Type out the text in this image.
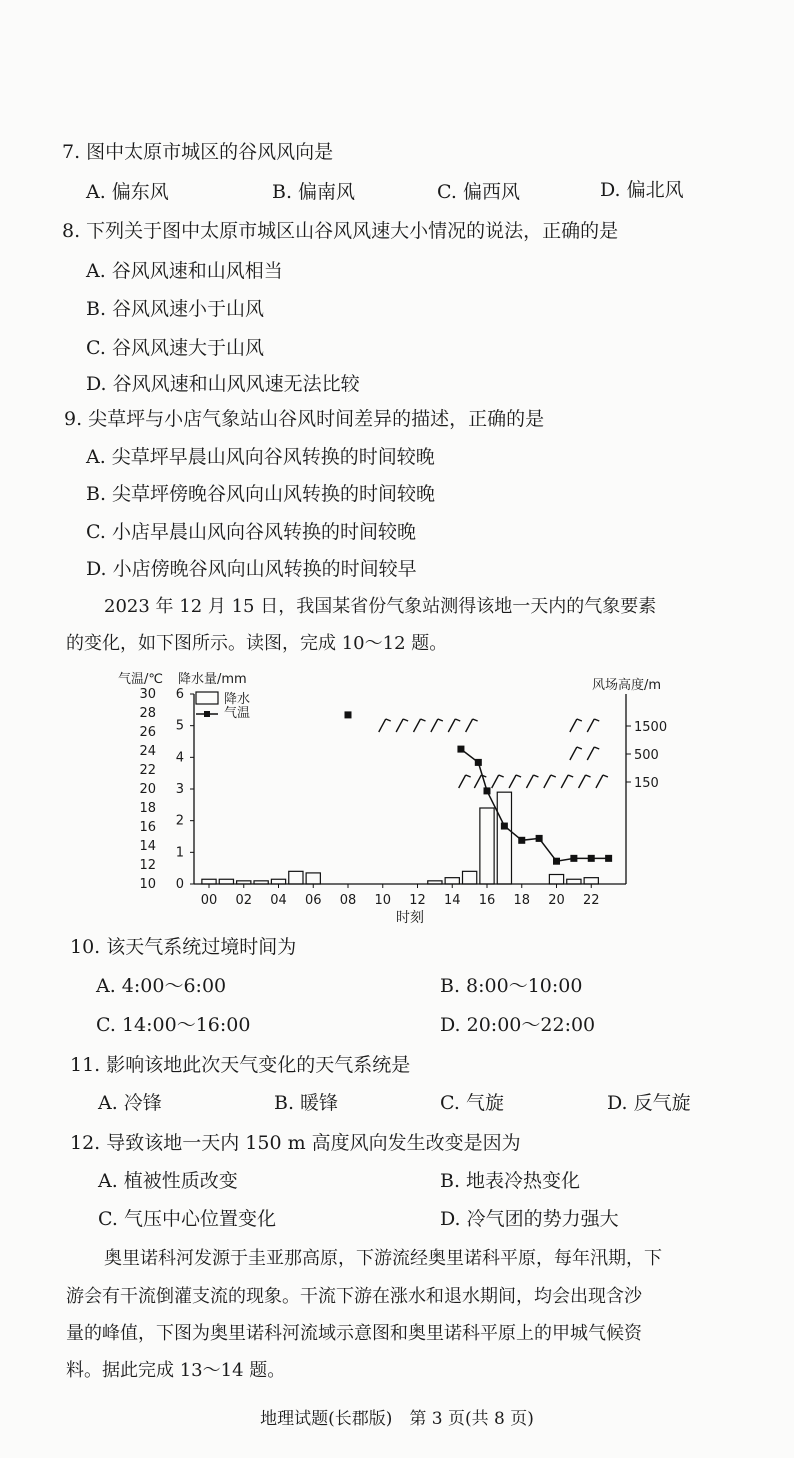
7. 图中太原市城区的谷风风向是
A. 偏东风	B. 偏南风	C. 偏西风	D. 偏北风
8. 下列关于图中太原市城区山谷风风速大小情况的说法，正确的是
A. 谷风风速和山风相当
B. 谷风风速小于山风
C. 谷风风速大于山风
D. 谷风风速和山风风速无法比较
9. 尖草坪与小店气象站山谷风时间差异的描述，正确的是
A. 尖草坪早晨山风向谷风转换的时间较晚
B. 尖草坪傍晚谷风向山风转换的时间较晚
C. 小店早晨山风向谷风转换的时间较晚
D. 小店傍晚谷风向山风转换的时间较早
2023 年 12 月 15 日，我国某省份气象站测得该地一天内的气象要素
的变化，如下图所示。读图，完成 10～12 题。
气温/℃ 降水量/mm	风场高度/m
时刻
30
28
26
24
22
20
18
16
14
12
10
6
5
4
3
2
1
0
00 02 04 06 08 10 12 14 16 18 20 22
1500
500
150
降水
气温
10. 该天气系统过境时间为
A. 4:00～6:00	B. 8:00～10:00
C. 14:00～16:00	D. 20:00～22:00
11. 影响该地此次天气变化的天气系统是
A. 冷锋	B. 暖锋	C. 气旋	D. 反气旋
12. 导致该地一天内 150 m 高度风向发生改变是因为
A. 植被性质改变	B. 地表冷热变化
C. 气压中心位置变化	D. 冷气团的势力强大
奥里诺科河发源于圭亚那高原，下游流经奥里诺科平原，每年汛期，下
游会有干流倒灌支流的现象。干流下游在涨水和退水期间，均会出现含沙
量的峰值，下图为奥里诺科河流域示意图和奥里诺科平原上的甲城气候资
料。据此完成 13～14 题。
地理试题(长郡版)　第 3 页(共 8 页)
